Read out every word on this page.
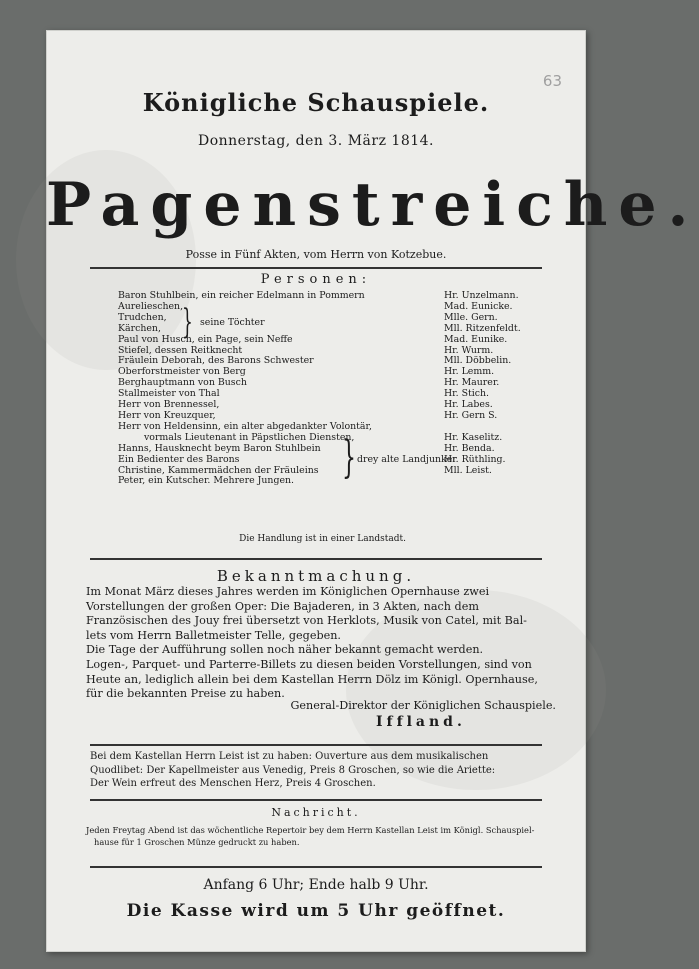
63
Königliche Schauspiele.
Donnerstag, den 3. März 1814.
Pagenstreiche.
Posse in Fünf Akten, vom Herrn von Kotzebue.
Personen:
Baron Stuhlbein, ein reicher Edelmann in Pommern
Aurelieschen,
Trudchen,
Kärchen,
Paul von Husch, ein Page, sein Neffe
Stiefel, dessen Reitknecht
Fräulein Deborah, des Barons Schwester
Oberforstmeister von Berg
Berghauptmann von Busch
Stallmeister von Thal
Herr von Brennessel,
Herr von Kreuzquer,
Herr von Heldensinn, ein alter abgedankter Volontär,
vormals Lieutenant in Päpstlichen Diensten,
Hanns, Hausknecht beym Baron Stuhlbein
Ein Bedienter des Barons
Christine, Kammermädchen der Fräuleins
Peter, ein Kutscher. Mehrere Jungen.
} seine Töchter
} drey alte Landjunker
Hr. Unzelmann.
Mad. Eunicke.
Mlle. Gern.
Mll. Ritzenfeldt.
Mad. Eunike.
Hr. Wurm.
Mll. Döbbelin.
Hr. Lemm.
Hr. Maurer.
Hr. Stich.
Hr. Labes.
Hr. Gern S.

Hr. Kaselitz.
Hr. Benda.
Hr. Rüthling.
Mll. Leist.
Die Handlung ist in einer Landstadt.
Bekanntmachung.
Im Monat März dieses Jahres werden im Königlichen Opernhause zwei
Vorstellungen der großen Oper: Die Bajaderen, in 3 Akten, nach dem
Französischen des Jouy frei übersetzt von Herklots, Musik von Catel, mit Bal-
lets vom Herrn Balletmeister Telle, gegeben.
Die Tage der Aufführung sollen noch näher bekannt gemacht werden.
Logen-, Parquet- und Parterre-Billets zu diesen beiden Vorstellungen, sind von
Heute an, lediglich allein bei dem Kastellan Herrn Dölz im Königl. Opernhause,
für die bekannten Preise zu haben.
General-Direktor der Königlichen Schauspiele.
Iffland.
Bei dem Kastellan Herrn Leist ist zu haben: Ouverture aus dem musikalischen
Quodlibet: Der Kapellmeister aus Venedig, Preis 8 Groschen, so wie die Ariette:
Der Wein erfreut des Menschen Herz, Preis 4 Groschen.
Nachricht.
Jeden Freytag Abend ist das wöchentliche Repertoir bey dem Herrn Kastellan Leist im Königl. Schauspiel-
hause für 1 Groschen Münze gedruckt zu haben.
Anfang 6 Uhr; Ende halb 9 Uhr.
Die Kasse wird um 5 Uhr geöffnet.
